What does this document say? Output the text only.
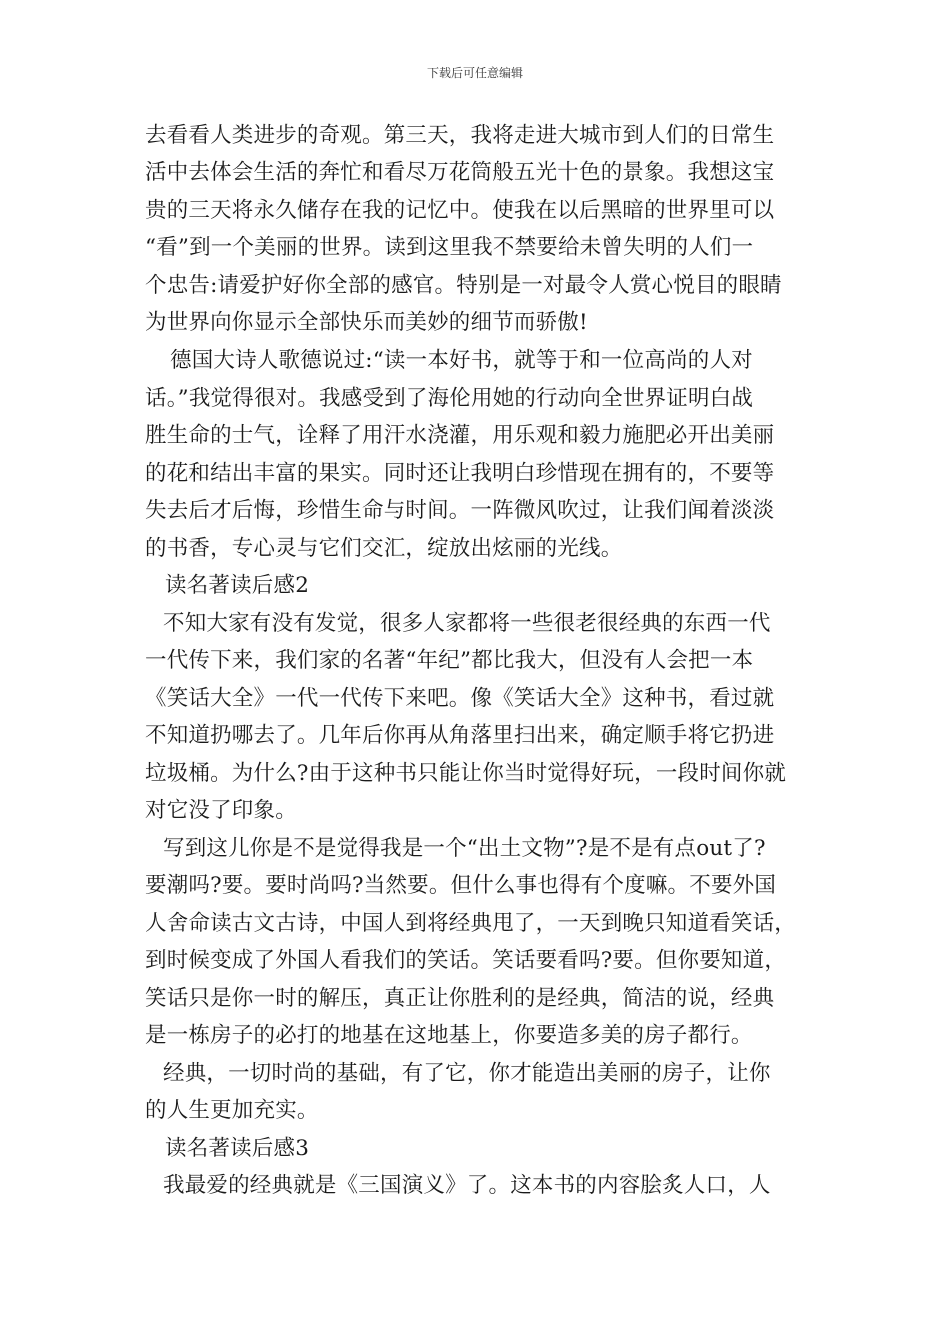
下载后可任意编辑
去看看人类进步的奇观。第三天，我将走进大城市到人们的日常生
活中去体会生活的奔忙和看尽万花筒般五光十色的景象。我想这宝
贵的三天将永久储存在我的记忆中。使我在以后黑暗的世界里可以
“看”到一个美丽的世界。读到这里我不禁要给未曾失明的人们一
个忠告:请爱护好你全部的感官。特别是一对最令人赏心悦目的眼睛
为世界向你显示全部快乐而美妙的细节而骄傲!
德国大诗人歌德说过:“读一本好书，就等于和一位高尚的人对
话。”我觉得很对。我感受到了海伦用她的行动向全世界证明白战
胜生命的士气，诠释了用汗水浇灌，用乐观和毅力施肥必开出美丽
的花和结出丰富的果实。同时还让我明白珍惜现在拥有的，不要等
失去后才后悔，珍惜生命与时间。一阵微风吹过，让我们闻着淡淡
的书香，专心灵与它们交汇，绽放出炫丽的光线。
读名著读后感2
不知大家有没有发觉，很多人家都将一些很老很经典的东西一代
一代传下来，我们家的名著“年纪”都比我大，但没有人会把一本
《笑话大全》一代一代传下来吧。像《笑话大全》这种书，看过就
不知道扔哪去了。几年后你再从角落里扫出来，确定顺手将它扔进
垃圾桶。为什么?由于这种书只能让你当时觉得好玩，一段时间你就
对它没了印象。
写到这儿你是不是觉得我是一个“出土文物”?是不是有点out了?
要潮吗?要。要时尚吗?当然要。但什么事也得有个度嘛。不要外国
人舍命读古文古诗，中国人到将经典甩了，一天到晚只知道看笑话，
到时候变成了外国人看我们的笑话。笑话要看吗?要。但你要知道，
笑话只是你一时的解压，真正让你胜利的是经典，简洁的说，经典
是一栋房子的必打的地基在这地基上，你要造多美的房子都行。
经典，一切时尚的基础，有了它，你才能造出美丽的房子，让你
的人生更加充实。
读名著读后感3
我最爱的经典就是《三国演义》了。这本书的内容脍炙人口，人
